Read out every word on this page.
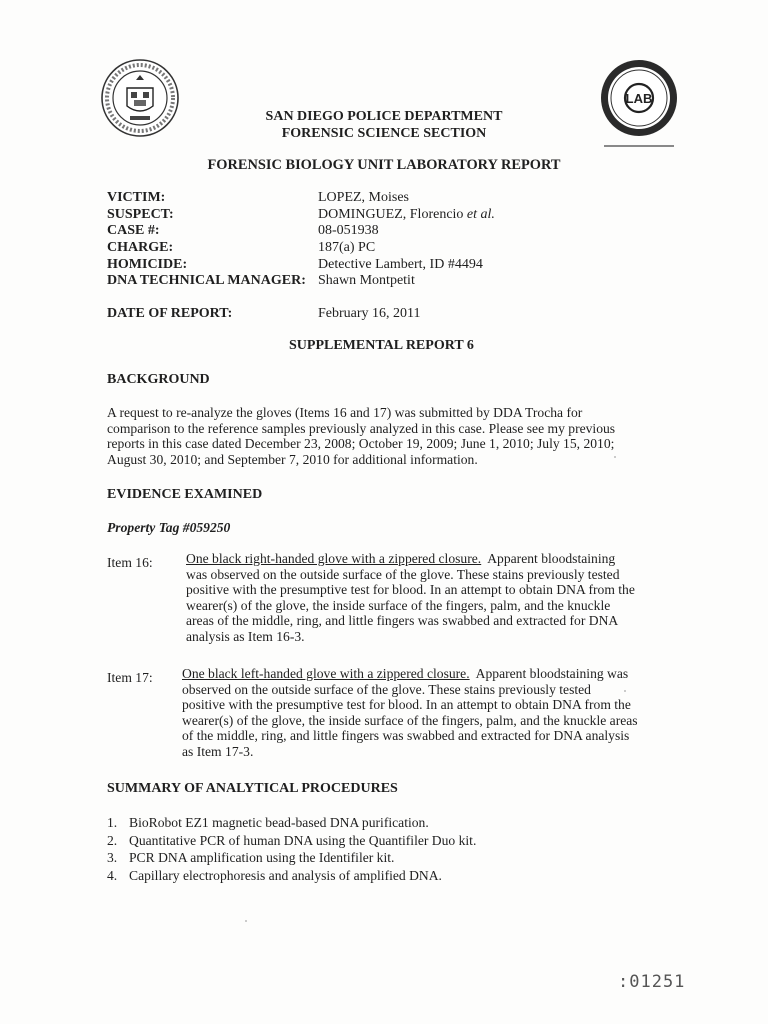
LAB
SAN DIEGO POLICE DEPARTMENT
FORENSIC SCIENCE SECTION
FORENSIC BIOLOGY UNIT LABORATORY REPORT
VICTIM:	LOPEZ, Moises
SUSPECT:	DOMINGUEZ, Florencio et al.
CASE #:	08-051938
CHARGE:	187(a) PC
HOMICIDE:	Detective Lambert, ID #4494
DNA TECHNICAL MANAGER: Shawn Montpetit
DATE OF REPORT:	February 16, 2011
SUPPLEMENTAL REPORT 6
BACKGROUND
A request to re-analyze the gloves (Items 16 and 17) was submitted by DDA Trocha for
comparison to the reference samples previously analyzed in this case. Please see my previous
reports in this case dated December 23, 2008; October 19, 2009; June 1, 2010; July 15, 2010;
August 30, 2010; and September 7, 2010 for additional information.
EVIDENCE EXAMINED
Property Tag #059250
Item 16: One black right-handed glove with a zippered closure.  Apparent bloodstaining
was observed on the outside surface of the glove. These stains previously tested
positive with the presumptive test for blood. In an attempt to obtain DNA from the
wearer(s) of the glove, the inside surface of the fingers, palm, and the knuckle
areas of the middle, ring, and little fingers was swabbed and extracted for DNA
analysis as Item 16-3.
Item 17: One black left-handed glove with a zippered closure.  Apparent bloodstaining was
observed on the outside surface of the glove. These stains previously tested
positive with the presumptive test for blood. In an attempt to obtain DNA from the
wearer(s) of the glove, the inside surface of the fingers, palm, and the knuckle areas
of the middle, ring, and little fingers was swabbed and extracted for DNA analysis
as Item 17-3.
SUMMARY OF ANALYTICAL PROCEDURES
1. BioRobot EZ1 magnetic bead-based DNA purification.
2. Quantitative PCR of human DNA using the Quantifiler Duo kit.
3. PCR DNA amplification using the Identifiler kit.
4. Capillary electrophoresis and analysis of amplified DNA.
:01251
